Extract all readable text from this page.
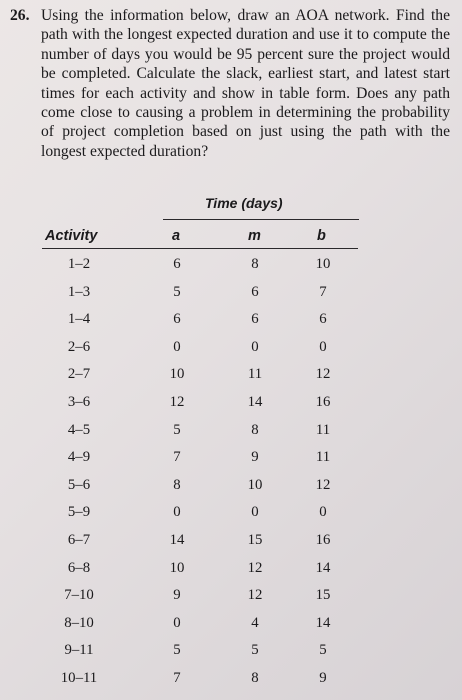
26. Using the information below, draw an AOA network. Find the path with the longest expected duration and use it to compute the number of days you would be 95 percent sure the project would be completed. Calculate the slack, earliest start, and latest start times for each activity and show in table form. Does any path come close to causing a problem in determining the probability of project completion based on just using the path with the longest expected duration?
Time (days)
Activity	a	m	b
1–2	6	8	10
1–3	5	6	7
1–4	6	6	6
2–6	0	0	0
2–7	10	11	12
3–6	12	14	16
4–5	5	8	11
4–9	7	9	11
5–6	8	10	12
5–9	0	0	0
6–7	14	15	16
6–8	10	12	14
7–10	9	12	15
8–10	0	4	14
9–11	5	5	5
10–11	7	8	9
